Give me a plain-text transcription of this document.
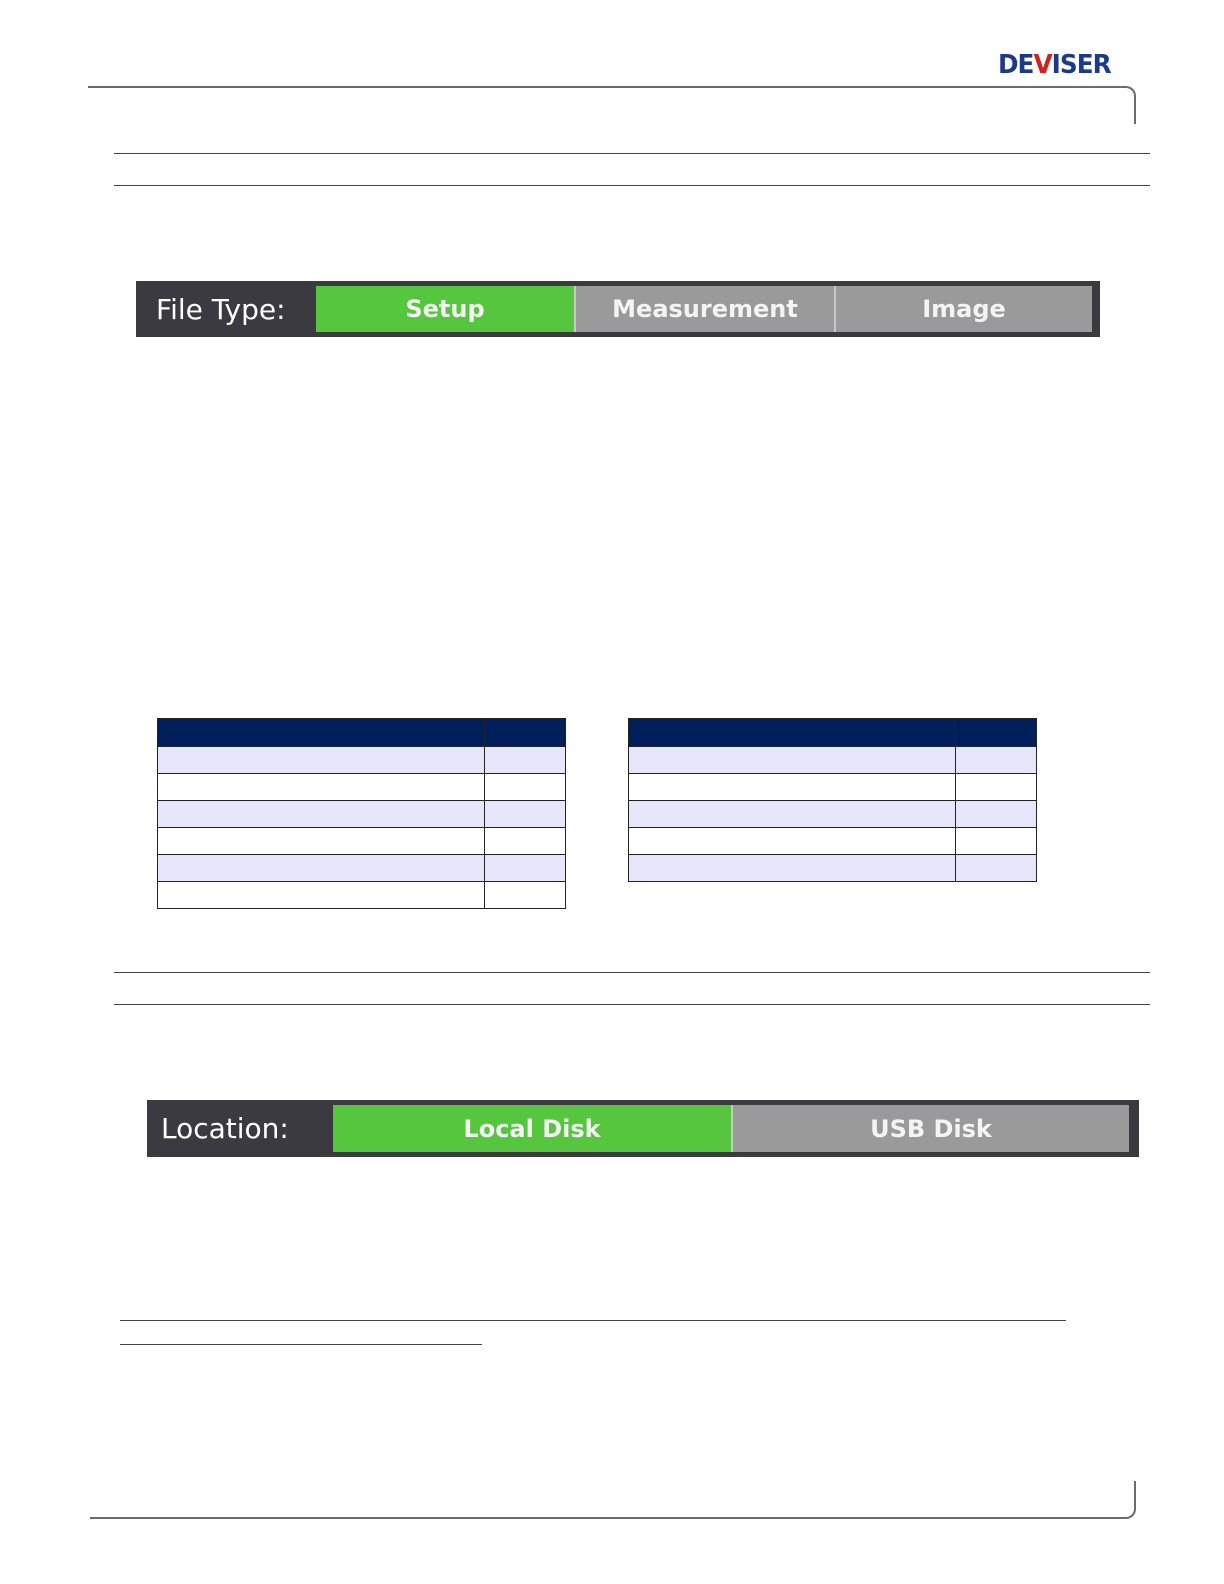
DEVISER
File Type:	Setup	Measurement	Image

Location:	Local Disk	USB Disk
